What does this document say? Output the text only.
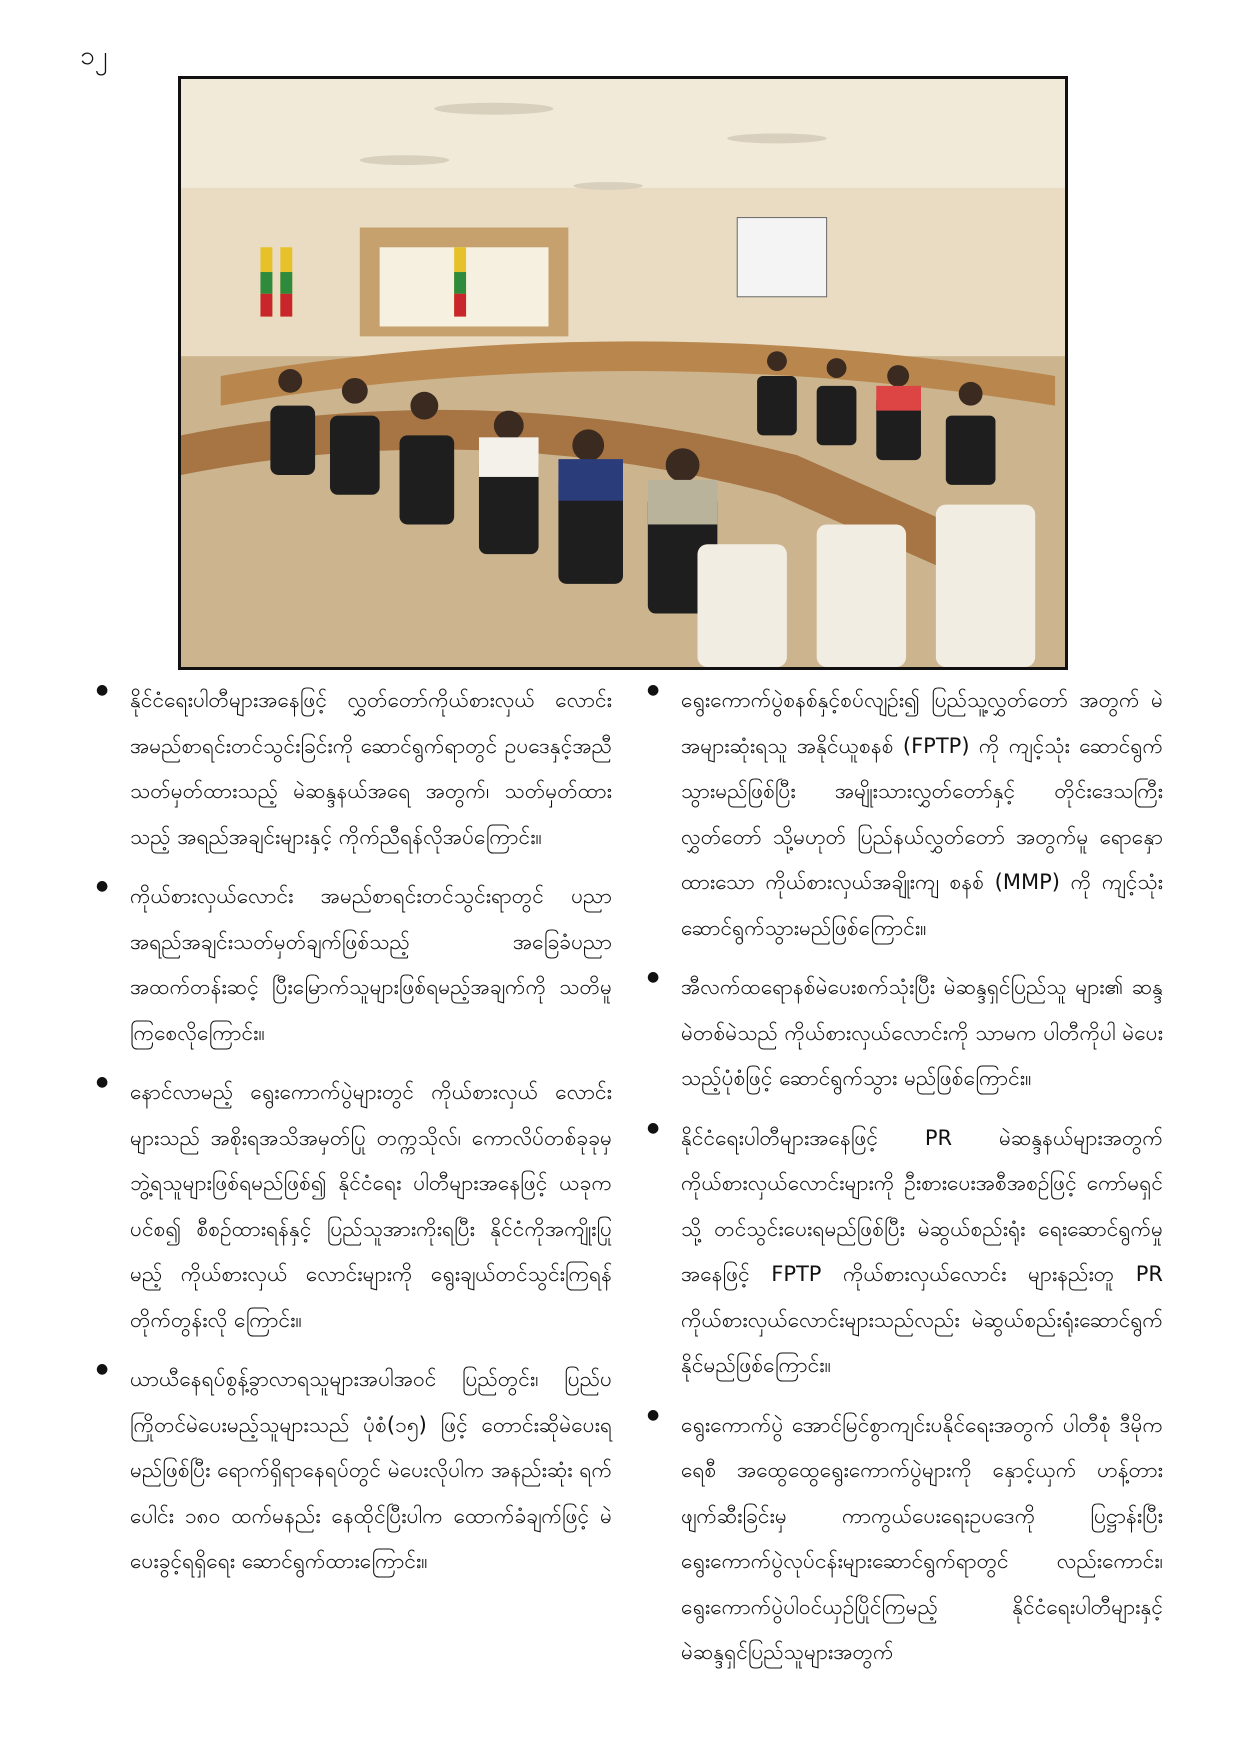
၁၂

● နိုင်ငံရေးပါတီများအနေဖြင့် လွှတ်တော်ကိုယ်စားလှယ် လောင်းအမည်စာရင်းတင်သွင်းခြင်းကို ဆောင်ရွက်ရာတွင် ဥပဒေနှင့်အညီ သတ်မှတ်ထားသည့် မဲဆန္ဒနယ်အရေ အတွက်၊ သတ်မှတ်ထားသည့် အရည်အချင်းများနှင့် ကိုက်ညီရန်လိုအပ်ကြောင်း။

● ကိုယ်စားလှယ်လောင်း အမည်စာရင်းတင်သွင်းရာတွင် ပညာအရည်အချင်းသတ်မှတ်ချက်ဖြစ်သည့် အခြေခံပညာ အထက်တန်းဆင့် ပြီးမြောက်သူများဖြစ်ရမည့်အချက်ကို သတိမူကြစေလိုကြောင်း။

● နောင်လာမည့် ရွေးကောက်ပွဲများတွင် ကိုယ်စားလှယ် လောင်းများသည် အစိုးရအသိအမှတ်ပြု တက္ကသိုလ်၊ ကောလိပ်တစ်ခုခုမှ ဘွဲ့ရသူများဖြစ်ရမည်ဖြစ်၍ နိုင်ငံရေး ပါတီများအနေဖြင့် ယခုကပင်စ၍ စီစဉ်ထားရန်နှင့် ပြည်သူအားကိုးရပြီး နိုင်ငံကိုအကျိုးပြုမည့် ကိုယ်စားလှယ် လောင်းများကို ရွေးချယ်တင်သွင်းကြရန် တိုက်တွန်းလို ကြောင်း။

● ယာယီနေရပ်စွန့်ခွာလာရသူများအပါအဝင် ပြည်တွင်း၊ ပြည်ပ ကြိုတင်မဲပေးမည့်သူများသည် ပုံစံ(၁၅) ဖြင့် တောင်းဆိုမဲပေးရမည်ဖြစ်ပြီး ရောက်ရှိရာနေရပ်တွင် မဲပေးလိုပါက အနည်းဆုံး ရက်ပေါင်း ၁၈၀ ထက်မနည်း နေထိုင်ပြီးပါက ထောက်ခံချက်ဖြင့် မဲပေးခွင့်ရရှိရေး ဆောင်ရွက်ထားကြောင်း။

● ရွေးကောက်ပွဲစနစ်နှင့်စပ်လျဉ်း၍ ပြည်သူ့လွှတ်တော် အတွက် မဲအများဆုံးရသူ အနိုင်ယူစနစ် (FPTP) ကို ကျင့်သုံး ဆောင်ရွက်သွားမည်ဖြစ်ပြီး အမျိုးသားလွှတ်တော်နှင့် တိုင်းဒေသကြီးလွှတ်တော် သို့မဟုတ် ပြည်နယ်လွှတ်တော် အတွက်မူ ရောနှောထားသော ကိုယ်စားလှယ်အချိုးကျ စနစ် (MMP) ကို ကျင့်သုံးဆောင်ရွက်သွားမည်ဖြစ်ကြောင်း။

● အီလက်ထရောနစ်မဲပေးစက်သုံးပြီး မဲဆန္ဒရှင်ပြည်သူ များ၏ ဆန္ဒမဲတစ်မဲသည် ကိုယ်စားလှယ်လောင်းကို သာမက ပါတီကိုပါ မဲပေးသည့်ပုံစံဖြင့် ဆောင်ရွက်သွား မည်ဖြစ်ကြောင်း။

● နိုင်ငံရေးပါတီများအနေဖြင့် PR မဲဆန္ဒနယ်များအတွက် ကိုယ်စားလှယ်လောင်းများကို ဦးစားပေးအစီအစဉ်ဖြင့် ကော်မရှင်သို့ တင်သွင်းပေးရမည်ဖြစ်ပြီး မဲဆွယ်စည်းရုံး ရေးဆောင်ရွက်မှုအနေဖြင့် FPTP ကိုယ်စားလှယ်လောင်း များနည်းတူ PR ကိုယ်စားလှယ်လောင်းများသည်လည်း မဲဆွယ်စည်းရုံးဆောင်ရွက်နိုင်မည်ဖြစ်ကြောင်း။

● ရွေးကောက်ပွဲ အောင်မြင်စွာကျင်းပနိုင်ရေးအတွက် ပါတီစုံ ဒီမိုကရေစီ အထွေထွေရွေးကောက်ပွဲများကို နှောင့်ယှက် ဟန့်တားဖျက်ဆီးခြင်းမှ ကာကွယ်ပေးရေးဥပဒေကို ပြဋ္ဌာန်းပြီး ရွေးကောက်ပွဲလုပ်ငန်းများဆောင်ရွက်ရာတွင် လည်းကောင်း၊ ရွေးကောက်ပွဲပါဝင်ယှဉ်ပြိုင်ကြမည့် နိုင်ငံရေးပါတီများနှင့် မဲဆန္ဒရှင်ပြည်သူများအတွက်
